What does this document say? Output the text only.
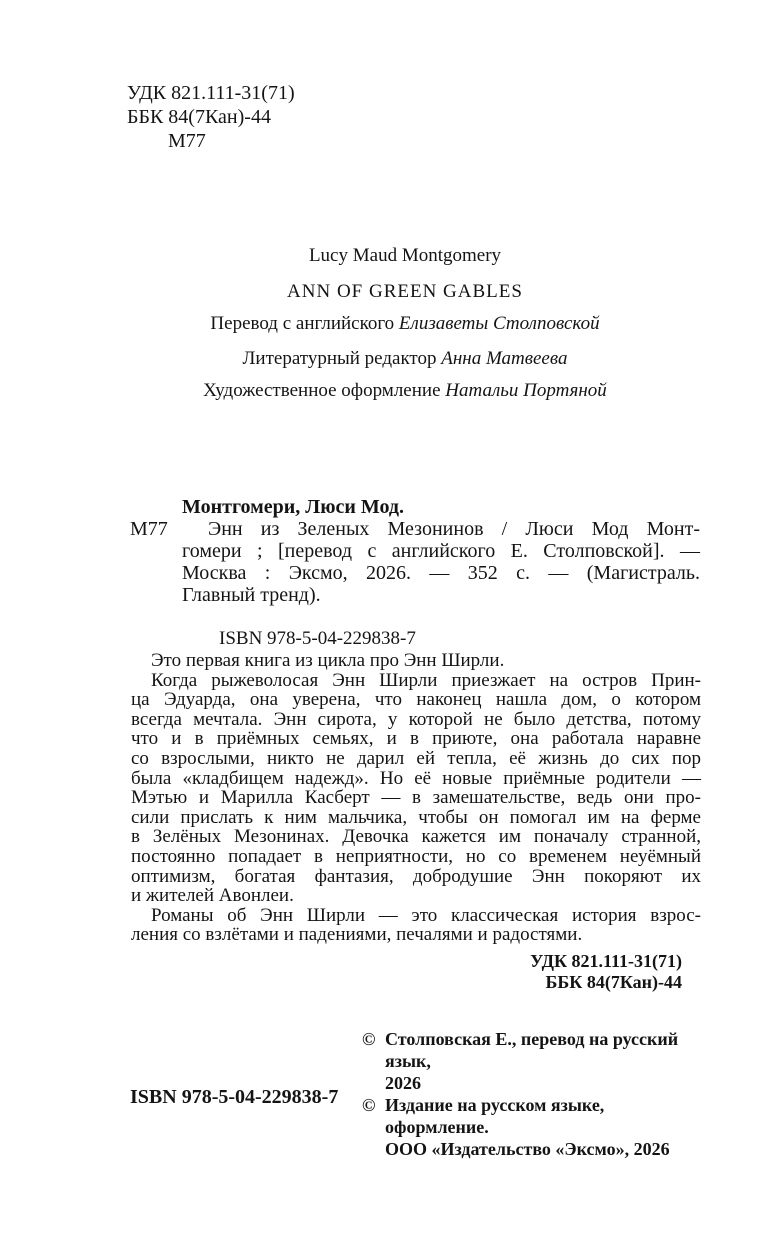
УДК 821.111-31(71)
ББК 84(7Кан)-44
М77
Lucy Maud Montgomery
ANN OF GREEN GABLES
Перевод с английского Елизаветы Столповской
Литературный редактор Анна Матвеева
Художественное оформление Натальи Портяной
Монтгомери, Люси Мод.
М77 Энн из Зеленых Мезонинов / Люси Мод Монт-
гомери ; [перевод с английского Е. Столповской]. —
Москва : Эксмо, 2026. — 352 с. — (Магистраль.
Главный тренд).
ISBN 978-5-04-229838-7
Это первая книга из цикла про Энн Ширли.
Когда рыжеволосая Энн Ширли приезжает на остров Прин-
ца Эдуарда, она уверена, что наконец нашла дом, о котором
всегда мечтала. Энн сирота, у которой не было детства, потому
что и в приёмных семьях, и в приюте, она работала наравне
со взрослыми, никто не дарил ей тепла, её жизнь до сих пор
была «кладбищем надежд». Но её новые приёмные родители —
Мэтью и Марилла Касберт — в замешательстве, ведь они про-
сили прислать к ним мальчика, чтобы он помогал им на ферме
в Зелёных Мезонинах. Девочка кажется им поначалу странной,
постоянно попадает в неприятности, но со временем неуёмный
оптимизм, богатая фантазия, добродушие Энн покоряют их
и жителей Авонлеи.
Романы об Энн Ширли — это классическая история взрос-
ления со взлётами и падениями, печалями и радостями.
УДК 821.111-31(71)
ББК 84(7Кан)-44
ISBN 978-5-04-229838-7
© Столповская Е., перевод на русский язык,
2026
© Издание на русском языке, оформление.
ООО «Издательство «Эксмо», 2026
